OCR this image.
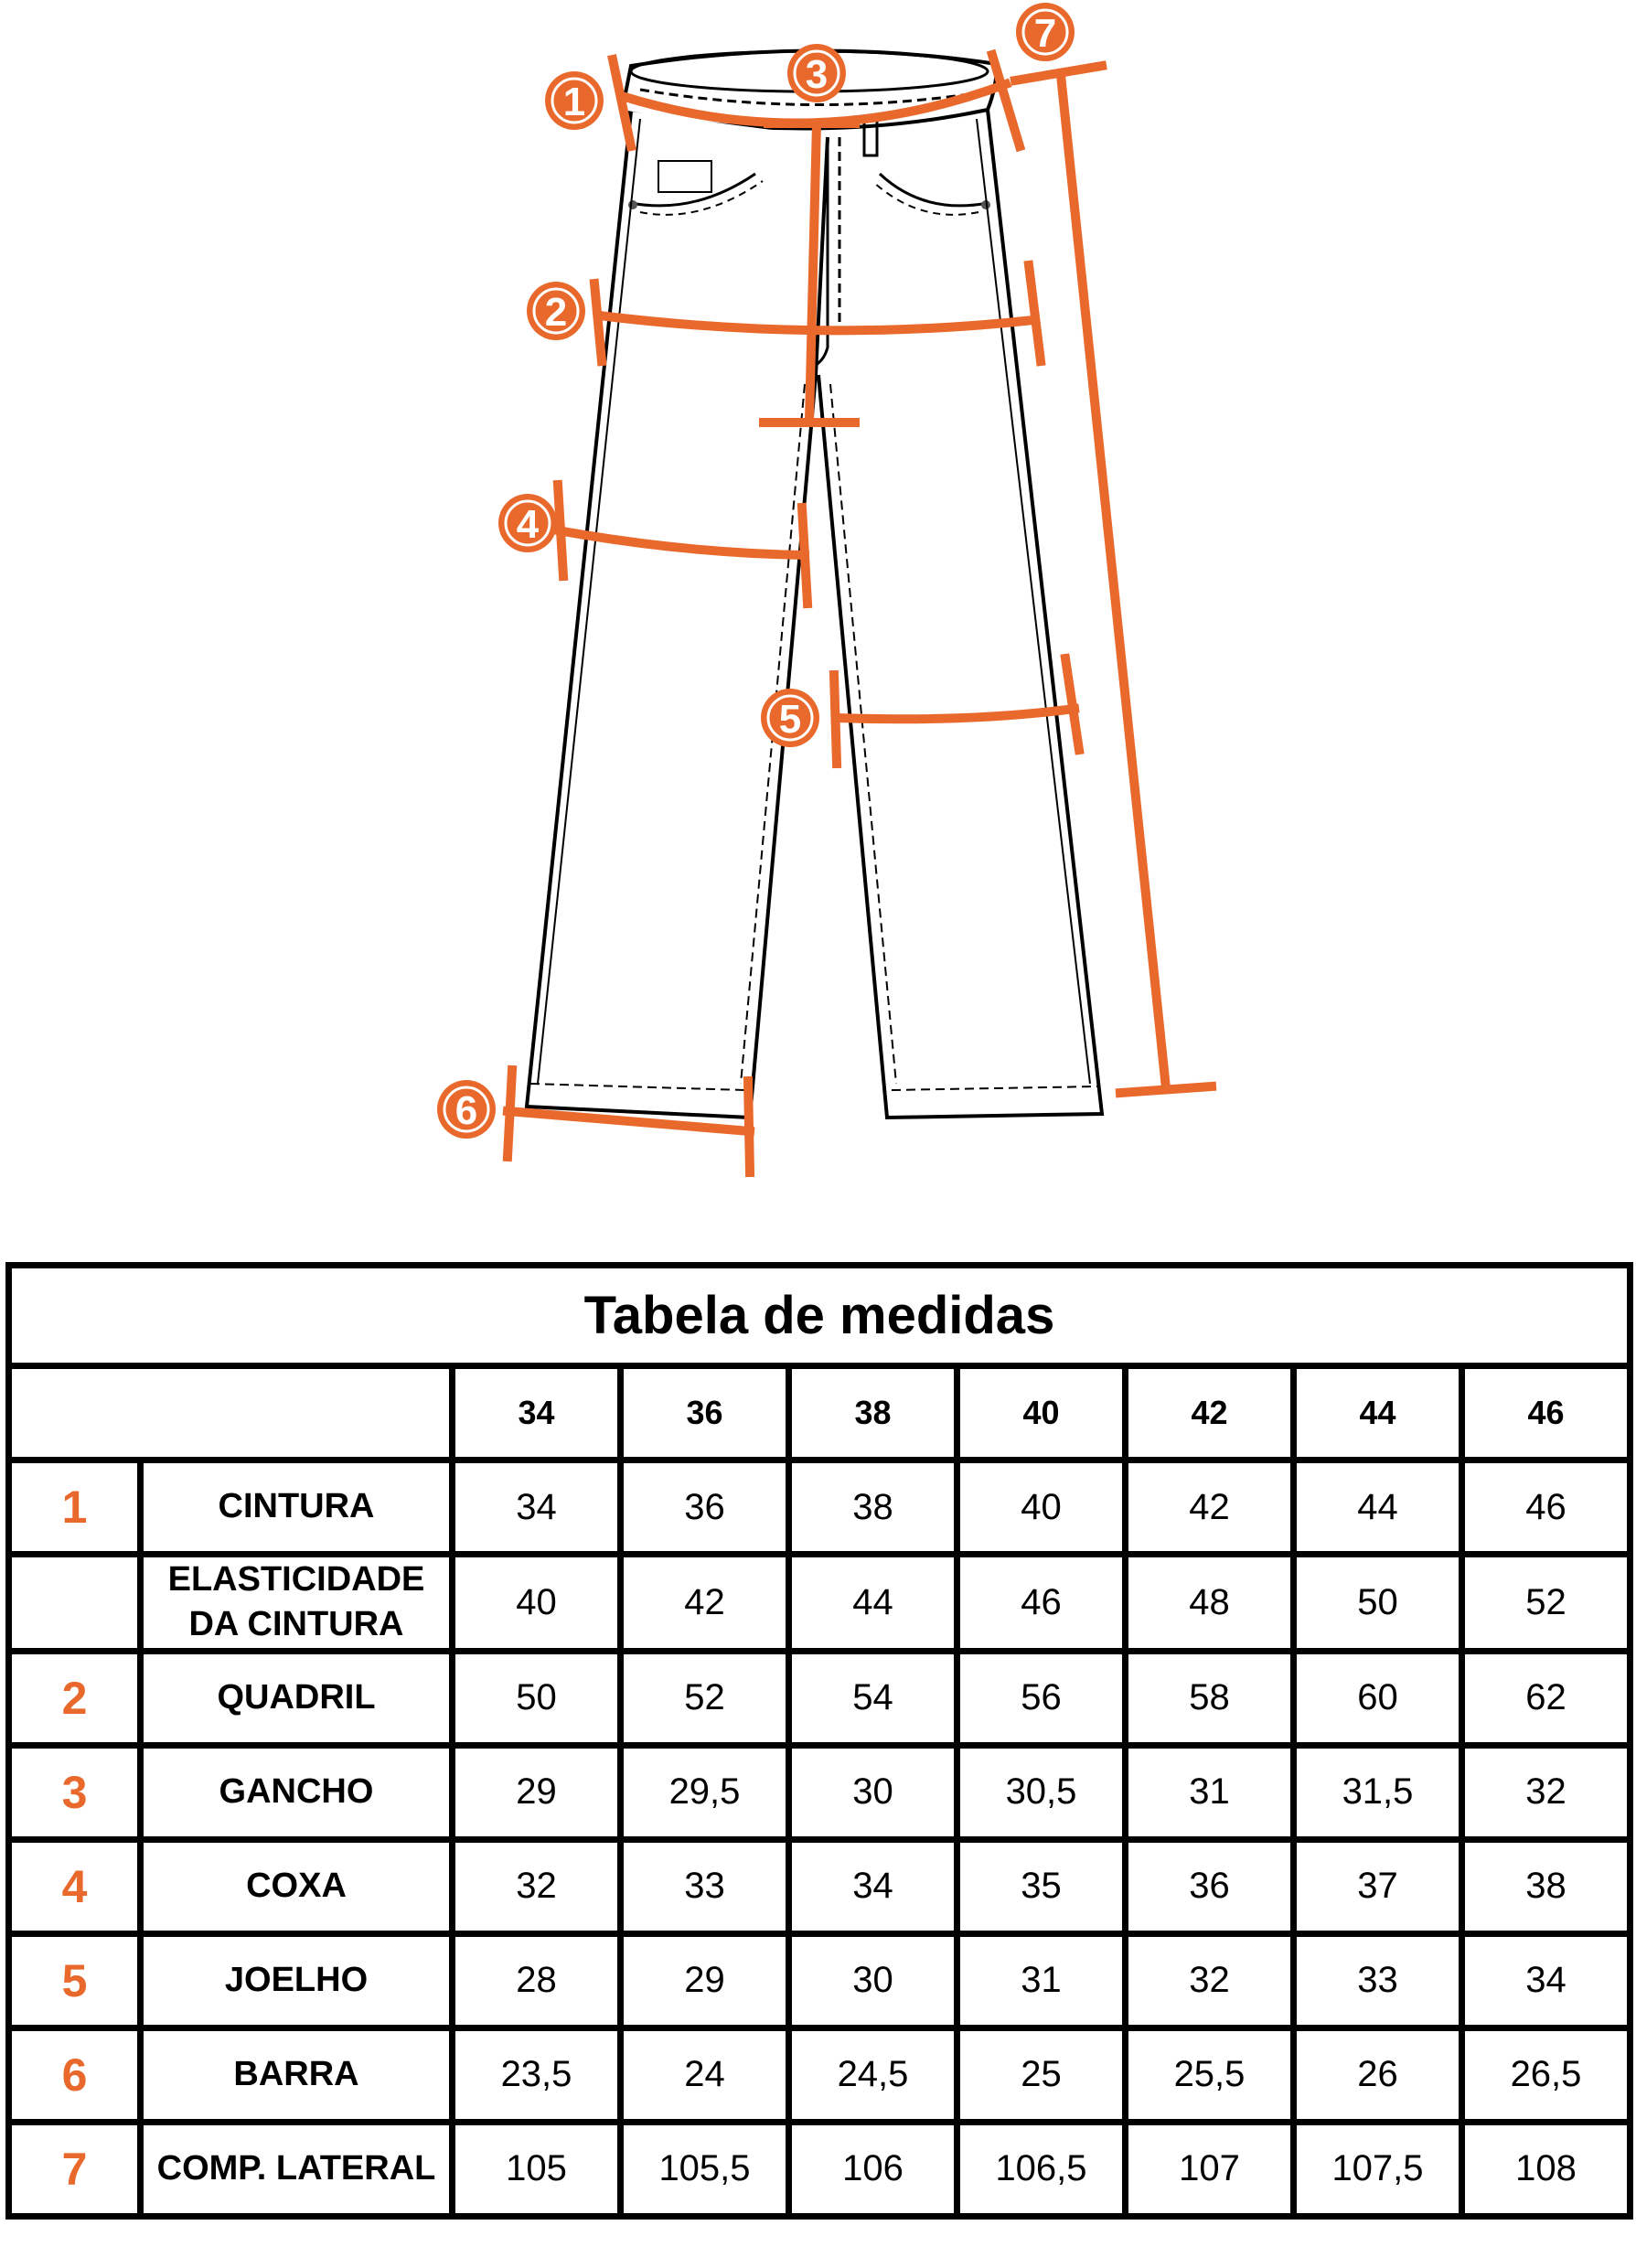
1
2
3
4
5
6
7
Tabela de medidas								
		34	36	38	40	42	44	46
1	CINTURA	34	36	38	40	42	44	46
	ELASTICIDADE DA CINTURA	40	42	44	46	48	50	52
2	QUADRIL	50	52	54	56	58	60	62
3	GANCHO	29	29,5	30	30,5	31	31,5	32
4	COXA	32	33	34	35	36	37	38
5	JOELHO	28	29	30	31	32	33	34
6	BARRA	23,5	24	24,5	25	25,5	26	26,5
7	COMP. LATERAL	105	105,5	106	106,5	107	107,5	108
